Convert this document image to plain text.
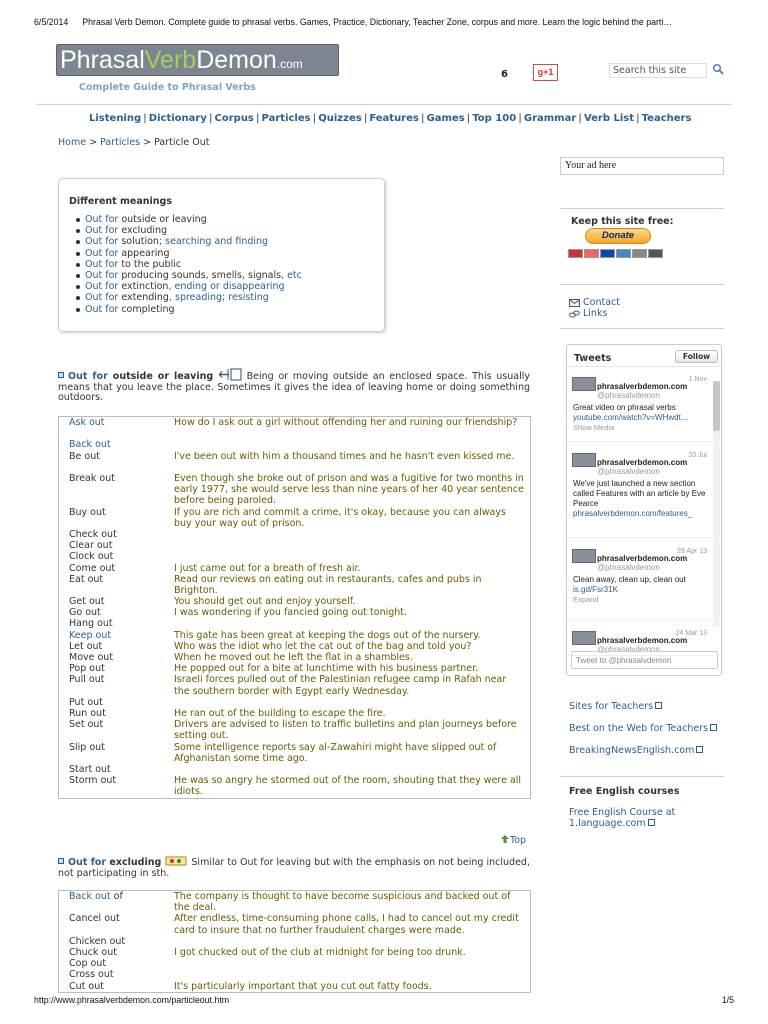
6/5/2014 Phrasal Verb Demon. Complete guide to phrasal verbs. Games, Practice, Dictionary, Teacher Zone, corpus and more. Learn the logic behind the parti…
http://www.phrasalverbdemon.com/particleout.htm	1/5
PhrasalVerbDemon.com
Complete Guide to Phrasal Verbs
6	g+1	Search this site
Listening | Dictionary | Corpus | Particles | Quizzes | Features | Games | Top 100 | Grammar | Verb List | Teachers
Home > Particles > Particle Out
Different meanings
Out for outside or leaving
Out for excluding
Out for solution; searching and finding
Out for appearing
Out for to the public
Out for producing sounds, smells, signals, etc
Out for extinction, ending or disappearing
Out for extending, spreading; resisting
Out for completing
Out for outside or leaving	Being or moving outside an enclosed space. This usually means that you leave the place. Sometimes it gives the idea of leaving home or doing something outdoors.
Ask out	How do I ask out a girl without offending her and ruining our friendship?
Back out
Be out	I've been out with him a thousand times and he hasn't even kissed me.
Break out	Even though she broke out of prison and was a fugitive for two months in early 1977, she would serve less than nine years of her 40 year sentence before being paroled.
Buy out	If you are rich and commit a crime, it's okay, because you can always buy your way out of prison.
Check out
Clear out
Clock out
Come out	I just came out for a breath of fresh air.
Eat out	Read our reviews on eating out in restaurants, cafes and pubs in Brighton.
Get out	You should get out and enjoy yourself.
Go out	I was wondering if you fancied going out tonight.
Hang out
Keep out	This gate has been great at keeping the dogs out of the nursery.
Let out	Who was the idiot who let the cat out of the bag and told you?
Move out	When he moved out he left the flat in a shambles.
Pop out	He popped out for a bite at lunchtime with his business partner.
Pull out	Israeli forces pulled out of the Palestinian refugee camp in Rafah near the southern border with Egypt early Wednesday.
Put out
Run out	He ran out of the building to escape the fire.
Set out	Drivers are advised to listen to traffic bulletins and plan journeys before setting out.
Slip out	Some intelligence reports say al-Zawahiri might have slipped out of Afghanistan some time ago.
Start out
Storm out	He was so angry he stormed out of the room, shouting that they were all idiots.
Top
Out for excluding	Similar to Out for leaving but with the emphasis on not being included, not participating in sth.
Back out of	The company is thought to have become suspicious and backed out of the deal.
Cancel out	After endless, time-consuming phone calls, I had to cancel out my credit card to insure that no further fraudulent charges were made.
Chicken out
Chuck out	I got chucked out of the club at midnight for being too drunk.
Cop out
Cross out
Cut out	It's particularly important that you cut out fatty foods.
Your ad here
Keep this site free:
Donate
Contact
Links
Tweets	Follow
1 Nov
phrasalverbdemon.com
@phrasalvdemon
Great video on phrasal verbs
youtube.com/watch?v=WHwdt…
Show Media
20 Jul
phrasalverbdemon.com
@phrasalvdemon
We've just launched a new section called Features with an article by Eve Pearce
phrasalverbdemon.com/features_
28 Apr 13
phrasalverbdemon.com
@phrasalvdemon
Clean away, clean up, clean out
is.gd/Fsr31K
Expand
24 Mar 13
phrasalverbdemon.com
@phrasalvdemon
Tweet to @phrasalvdemon
Sites for Teachers
Best on the Web for Teachers
BreakingNewsEnglish.com
Free English courses
Free English Course at 1.language.com
